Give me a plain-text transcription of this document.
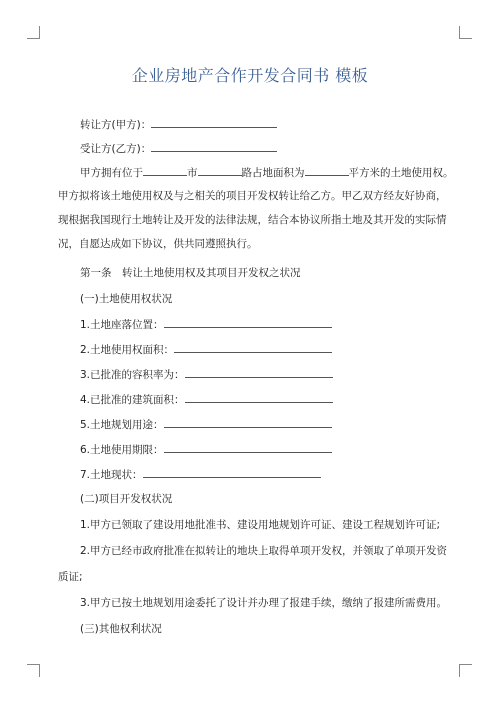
企业房地产合作开发合同书 模板
转让方(甲方)：
受让方(乙方)：
甲方拥有位于	市	路占地面积为	平方米的土地使用权。
甲方拟将该土地使用权及与之相关的项目开发权转让给乙方。甲乙双方经友好协商，
现根据我国现行土地转让及开发的法律法规，结合本协议所指土地及其开发的实际情
况，自愿达成如下协议，供共同遵照执行。
第一条　转让土地使用权及其项目开发权之状况
(一)土地使用权状况
1.土地座落位置：
2.土地使用权面积：
3.已批准的容积率为：
4.已批准的建筑面积：
5.土地规划用途：
6.土地使用期限：
7.土地现状：
(二)项目开发权状况
1.甲方已领取了建设用地批准书、建设用地规划许可证、建设工程规划许可证;
2.甲方已经市政府批准在拟转让的地块上取得单项开发权，并领取了单项开发资
质证;
3.甲方已按土地规划用途委托了设计并办理了报建手续，缴纳了报建所需费用。
(三)其他权利状况
